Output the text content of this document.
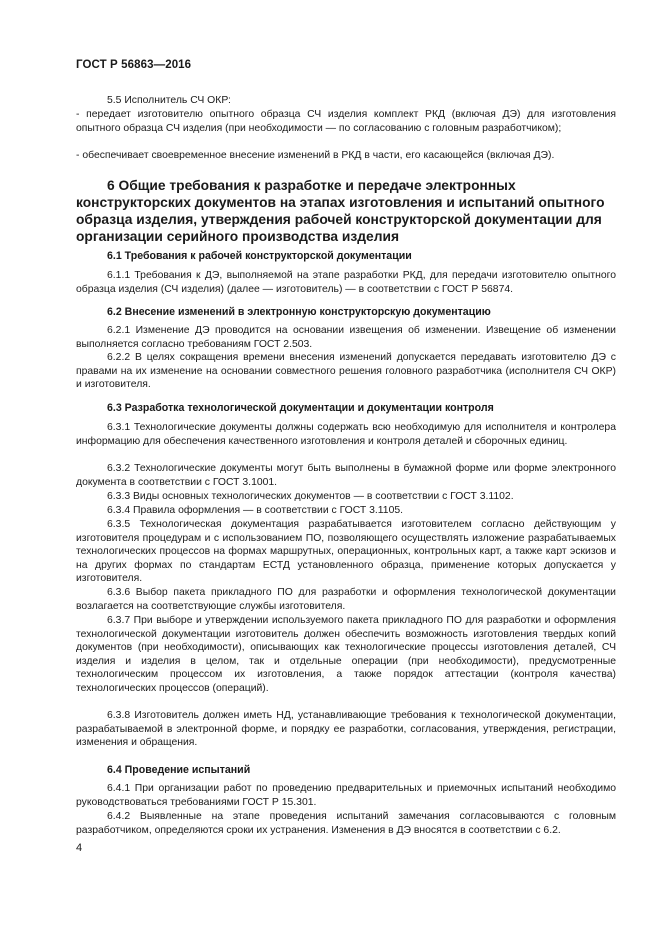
ГОСТ Р 56863—2016

5.5 Исполнитель СЧ ОКР:

- передает изготовителю опытного образца СЧ изделия комплект РКД (включая ДЭ) для изготовления опытного образца СЧ изделия (при необходимости — по согласованию с головным разработчиком);

- обеспечивает своевременное внесение изменений в РКД в части, его касающейся (включая ДЭ).

6 Общие требования к разработке и передаче электронных конструкторских документов на этапах изготовления и испытаний опытного образца изделия, утверждения рабочей конструкторской документации для организации серийного производства изделия

6.1 Требования к рабочей конструкторской документации

6.1.1 Требования к ДЭ, выполняемой на этапе разработки РКД, для передачи изготовителю опытного образца изделия (СЧ изделия) (далее — изготовитель) — в соответствии с ГОСТ Р 56874.

6.2 Внесение изменений в электронную конструкторскую документацию

6.2.1 Изменение ДЭ проводится на основании извещения об изменении. Извещение об изменении выполняется согласно требованиям ГОСТ 2.503.

6.2.2 В целях сокращения времени внесения изменений допускается передавать изготовителю ДЭ с правами на их изменение на основании совместного решения головного разработчика (исполнителя СЧ ОКР) и изготовителя.

6.3 Разработка технологической документации и документации контроля

6.3.1 Технологические документы должны содержать всю необходимую для исполнителя и контролера информацию для обеспечения качественного изготовления и контроля деталей и сборочных единиц.

6.3.2 Технологические документы могут быть выполнены в бумажной форме или форме электронного документа в соответствии с ГОСТ 3.1001.

6.3.3 Виды основных технологических документов — в соответствии с ГОСТ 3.1102.

6.3.4 Правила оформления — в соответствии с ГОСТ 3.1105.

6.3.5 Технологическая документация разрабатывается изготовителем согласно действующим у изготовителя процедурам и с использованием ПО, позволяющего осуществлять изложение разрабатываемых технологических процессов на формах маршрутных, операционных, контрольных карт, а также карт эскизов и на других формах по стандартам ЕСТД установленного образца, применение которых допускается у изготовителя.

6.3.6 Выбор пакета прикладного ПО для разработки и оформления технологической документации возлагается на соответствующие службы изготовителя.

6.3.7 При выборе и утверждении используемого пакета прикладного ПО для разработки и оформления технологической документации изготовитель должен обеспечить возможность изготовления твердых копий документов (при необходимости), описывающих как технологические процессы изготовления деталей, СЧ изделия и изделия в целом, так и отдельные операции (при необходимости), предусмотренные технологическим процессом их изготовления, а также порядок аттестации (контроля качества) технологических процессов (операций).

6.3.8 Изготовитель должен иметь НД, устанавливающие требования к технологической документации, разрабатываемой в электронной форме, и порядку ее разработки, согласования, утверждения, регистрации, изменения и обращения.

6.4 Проведение испытаний

6.4.1 При организации работ по проведению предварительных и приемочных испытаний необходимо руководствоваться требованиями ГОСТ Р 15.301.

6.4.2 Выявленные на этапе проведения испытаний замечания согласовываются с головным разработчиком, определяются сроки их устранения. Изменения в ДЭ вносятся в соответствии с 6.2.

4
